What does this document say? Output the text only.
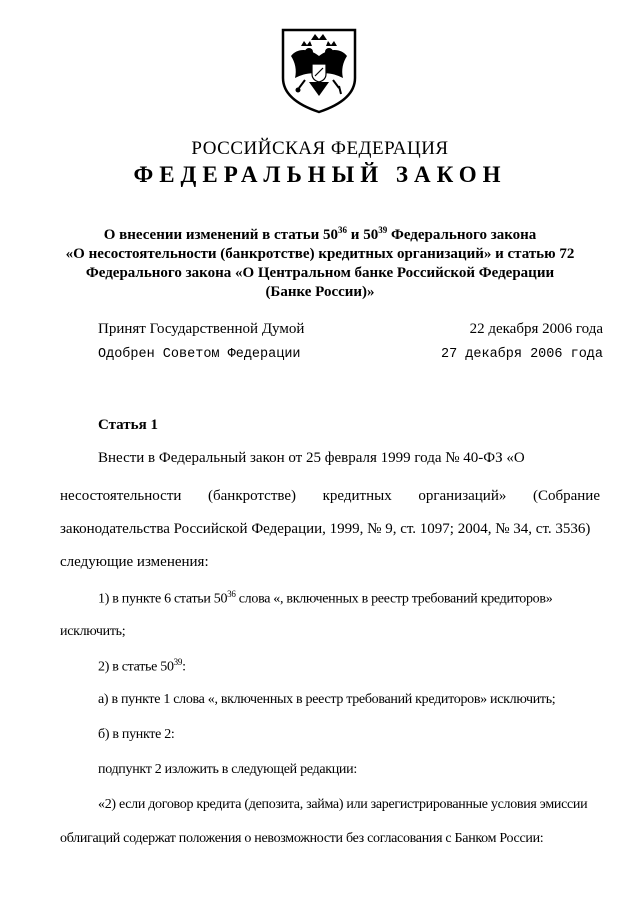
РОССИЙСКАЯ ФЕДЕРАЦИЯ
ФЕДЕРАЛЬНЫЙ ЗАКОН
О внесении изменений в статьи $50^{36}$ и $50^{39}$ Федерального закона
«О несостоятельности (банкротстве) кредитных организаций» и статью 72
Федерального закона «О Центральном банке Российской Федерации
(Банке России)»
Принят Государственной Думой	22 декабря 2006 года
Одобрен Советом Федерации	27 декабря 2006 года
Статья 1
Внести в Федеральный закон от 25 февраля 1999 года № 40-ФЗ «О
несостоятельности (банкротстве) кредитных организаций» (Собрание
законодательства Российской Федерации, 1999, № 9, ст. 1097; 2004, № 34, ст. 3536)
следующие изменения:
1) в пункте 6 статьи $50^{36}$ слова «, включенных в реестр требований кредиторов»
исключить;
2) в статье $50^{39}$:
а) в пункте 1 слова «, включенных в реестр требований кредиторов» исключить;
б) в пункте 2:
подпункт 2 изложить в следующей редакции:
«2) если договор кредита (депозита, займа) или зарегистрированные условия эмиссии
облигаций содержат положения о невозможности без согласования с Банком России:
